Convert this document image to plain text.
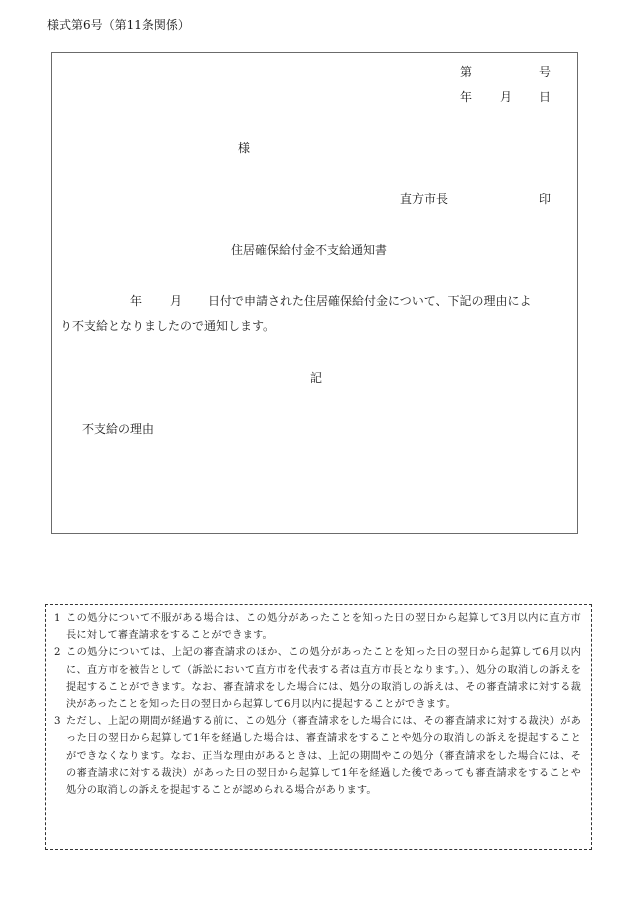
様式第6号（第11条関係）
第	号
年 月 日
様
直方市長	印
住居確保給付金不支給通知書
年 月 日付で申請された住居確保給付金について、下記の理由によ
り不支給となりましたので通知します。
記
不支給の理由
1 この処分について不服がある場合は、この処分があったことを知った日の翌日から起算して3月以内に直方市長に対して審査請求をすることができます。
2 この処分については、上記の審査請求のほか、この処分があったことを知った日の翌日から起算して6月以内に、直方市を被告として（訴訟において直方市を代表する者は直方市長となります。）、処分の取消しの訴えを提起することができます。なお、審査請求をした場合には、処分の取消しの訴えは、その審査請求に対する裁決があったことを知った日の翌日から起算して6月以内に提起することができます。
3 ただし、上記の期間が経過する前に、この処分（審査請求をした場合には、その審査請求に対する裁決）があった日の翌日から起算して1年を経過した場合は、審査請求をすることや処分の取消しの訴えを提起することができなくなります。なお、正当な理由があるときは、上記の期間やこの処分（審査請求をした場合には、その審査請求に対する裁決）があった日の翌日から起算して1年を経過した後であっても審査請求をすることや処分の取消しの訴えを提起することが認められる場合があります。
